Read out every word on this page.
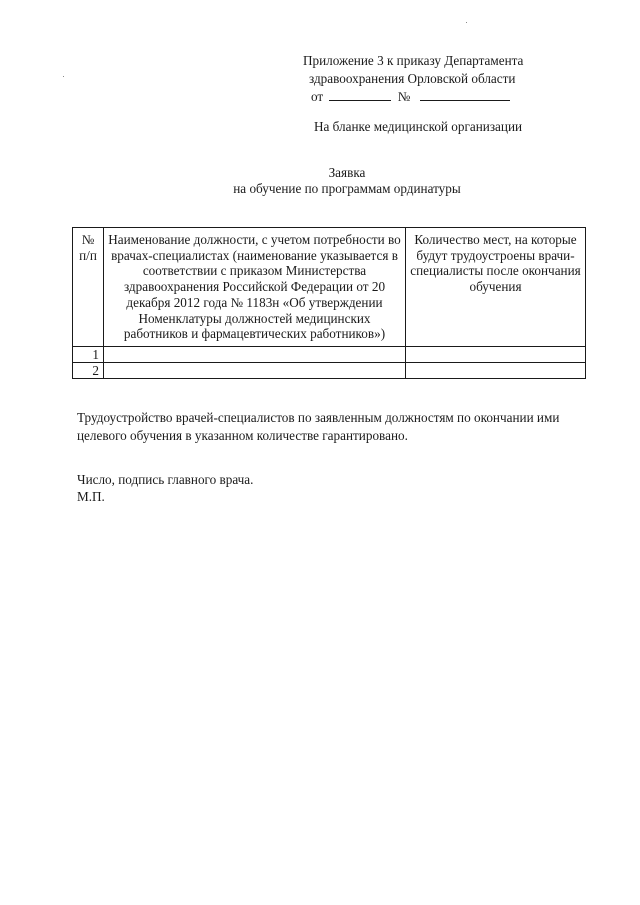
Приложение 3 к приказу Департамента
здравоохранения Орловской области
от	№
На бланке медицинской организации
Заявка
на обучение по программам ординатуры
№ п/п	Наименование должности, с учетом потребности во врачах-специалистах (наименование указывается в соответствии с приказом Министерства здравоохранения Российской Федерации от 20 декабря 2012 года № 1183н «Об утверждении Номенклатуры должностей медицинских работников и фармацевтических работников»)	Количество мест, на которые будут трудоустроены врачи-специалисты после окончания обучения
1		
2		
Трудоустройство врачей-специалистов по заявленным должностям по окончании ими целевого обучения в указанном количестве гарантировано.
Число, подпись главного врача.
М.П.
